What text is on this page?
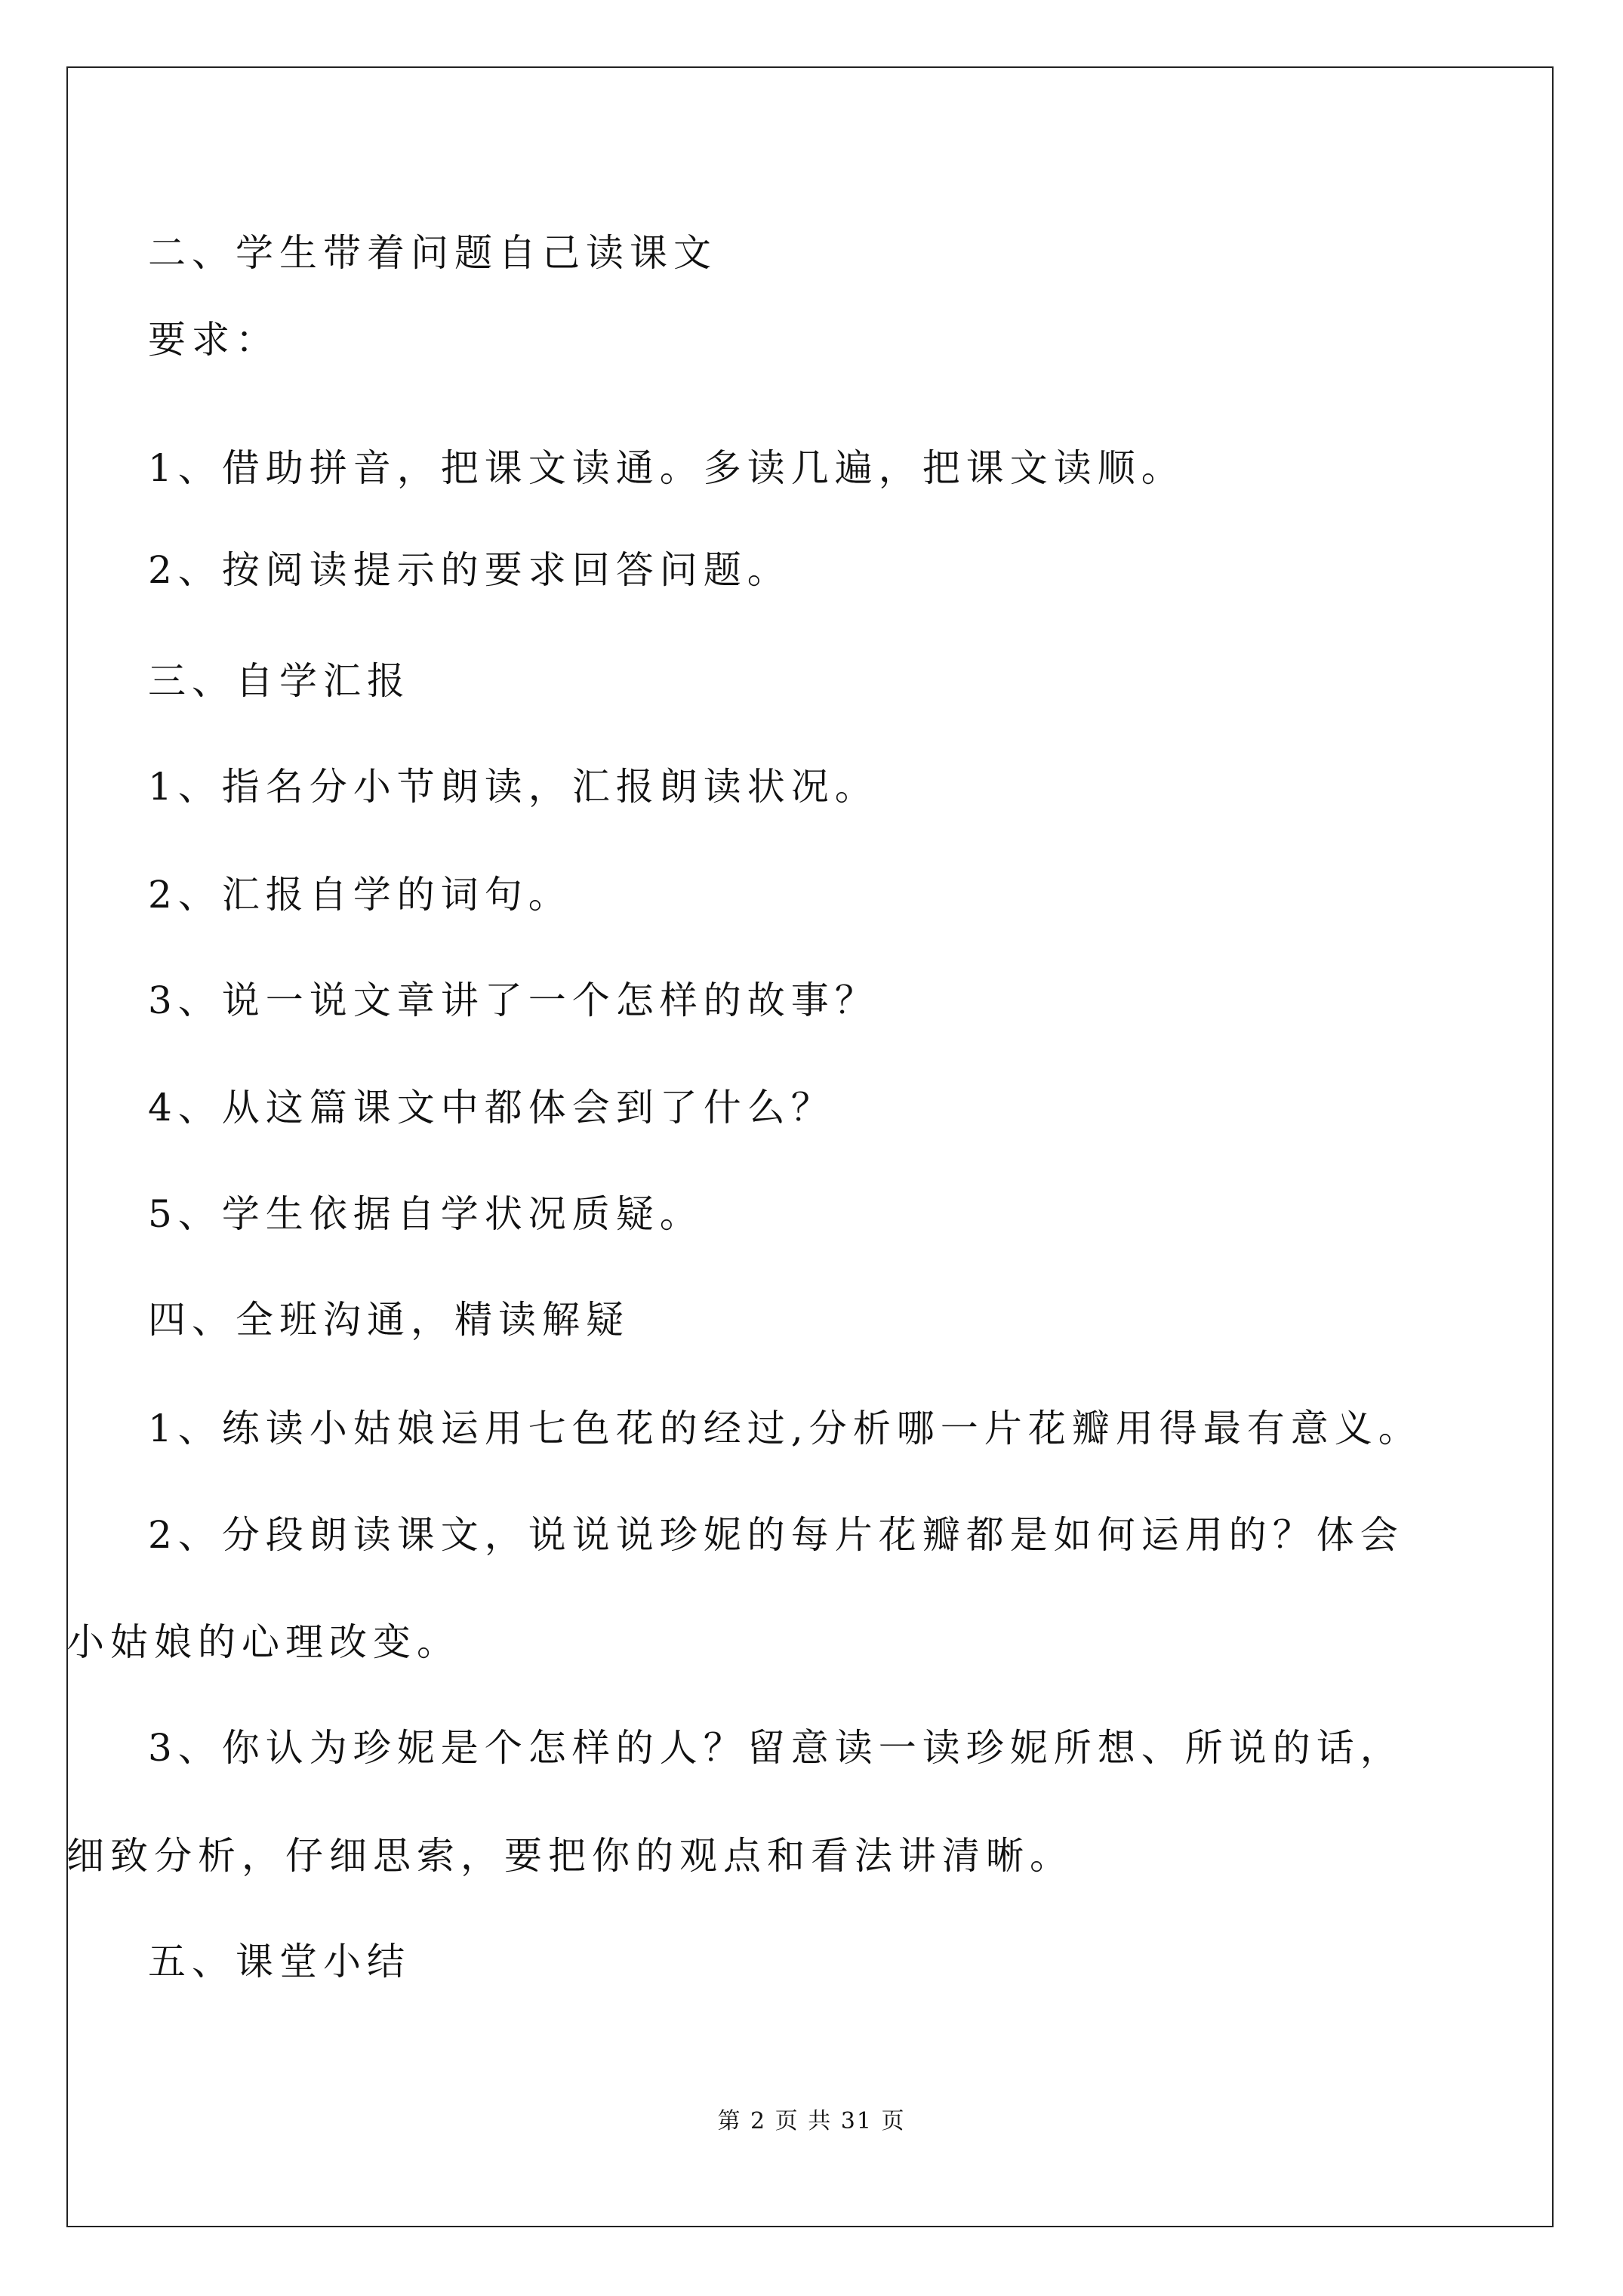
二、学生带着问题自己读课文
要求：
1、借助拼音，把课文读通。多读几遍，把课文读顺。
2、按阅读提示的要求回答问题。
三、自学汇报
1、指名分小节朗读，汇报朗读状况。
2、汇报自学的词句。
3、说一说文章讲了一个怎样的故事？
4、从这篇课文中都体会到了什么？
5、学生依据自学状况质疑。
四、全班沟通，精读解疑
1、练读小姑娘运用七色花的经过,分析哪一片花瓣用得最有意义。
2、分段朗读课文，说说说珍妮的每片花瓣都是如何运用的？体会
小姑娘的心理改变。
3、你认为珍妮是个怎样的人？留意读一读珍妮所想、所说的话，
细致分析，仔细思索，要把你的观点和看法讲清晰。
五、课堂小结
第 2 页 共 31 页
